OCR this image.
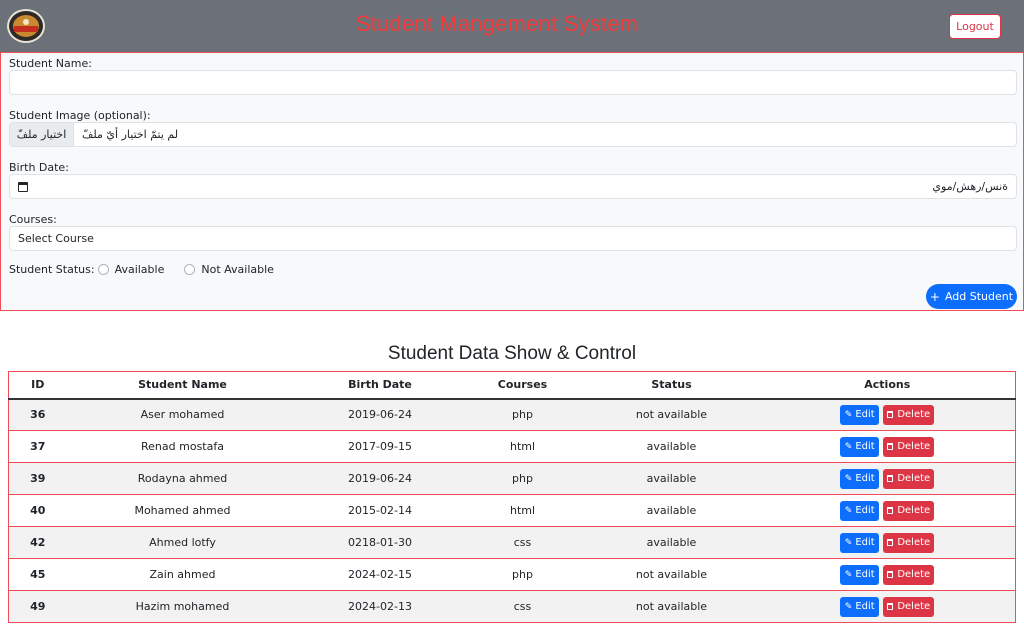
Student Mangement System	Logout
Student Name:
Student Image (optional):
اختيار ملفّ	لم يتمّ اختيار أيّ ملفّ
Birth Date:
ةنس/رهش/موي
Courses:
Select Course
Student Status: Available	Not Available
+ Add Student
Student Data Show & Control
ID	Student Name	Birth Date	Courses	Status	Actions
36	Aser mohamed	2019-06-24	php	not available	✎ Edit Delete

37	Renad mostafa	2017-09-15	html	available	✎ Edit Delete

39	Rodayna ahmed	2019-06-24	php	available	✎ Edit Delete

40	Mohamed ahmed	2015-02-14	html	available	✎ Edit Delete

42	Ahmed lotfy	0218-01-30	css	available	✎ Edit Delete

45	Zain ahmed	2024-02-15	php	not available	✎ Edit Delete

49	Hazim mohamed	2024-02-13	css	not available	✎ Edit Delete
